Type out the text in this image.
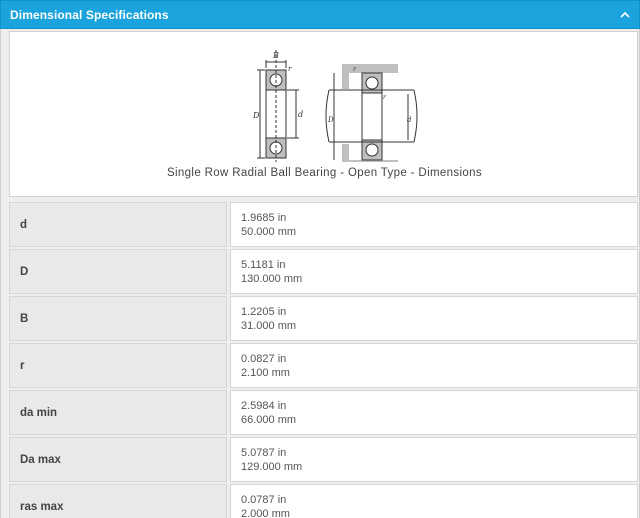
Dimensional Specifications
B
r
D	d
r
r
D	d
Single Row Radial Ball Bearing - Open Type - Dimensions
d
1.9685 in
50.000 mm
D
5.1181 in
130.000 mm
B
1.2205 in
31.000 mm
r
0.0827 in
2.100 mm
da min
2.5984 in
66.000 mm
Da max
5.0787 in
129.000 mm
ras max
0.0787 in
2.000 mm
